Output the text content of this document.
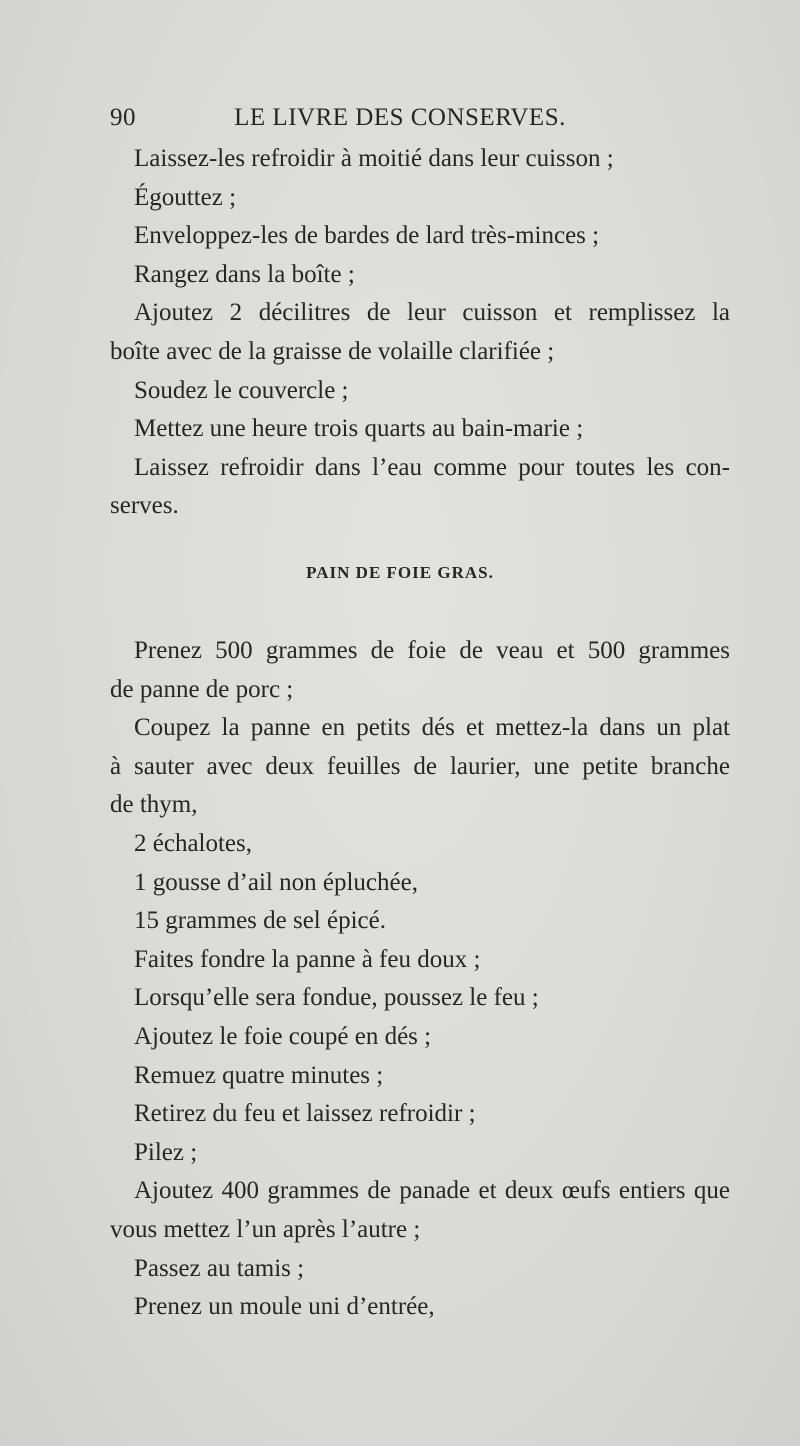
90	LE LIVRE DES CONSERVES.
Laissez-les refroidir à moitié dans leur cuisson ;
Égouttez ;
Enveloppez-les de bardes de lard très-minces ;
Rangez dans la boîte ;
Ajoutez 2 décilitres de leur cuisson et remplissez la
boîte avec de la graisse de volaille clarifiée ;
Soudez le couvercle ;
Mettez une heure trois quarts au bain-marie ;
Laissez refroidir dans l’eau comme pour toutes les con-
serves.
PAIN DE FOIE GRAS.
Prenez 500 grammes de foie de veau et 500 grammes
de panne de porc ;
Coupez la panne en petits dés et mettez-la dans un plat
à sauter avec deux feuilles de laurier, une petite branche
de thym,
2 échalotes,
1 gousse d’ail non épluchée,
15 grammes de sel épicé.
Faites fondre la panne à feu doux ;
Lorsqu’elle sera fondue, poussez le feu ;
Ajoutez le foie coupé en dés ;
Remuez quatre minutes ;
Retirez du feu et laissez refroidir ;
Pilez ;
Ajoutez 400 grammes de panade et deux œufs entiers que
vous mettez l’un après l’autre ;
Passez au tamis ;
Prenez un moule uni d’entrée,
